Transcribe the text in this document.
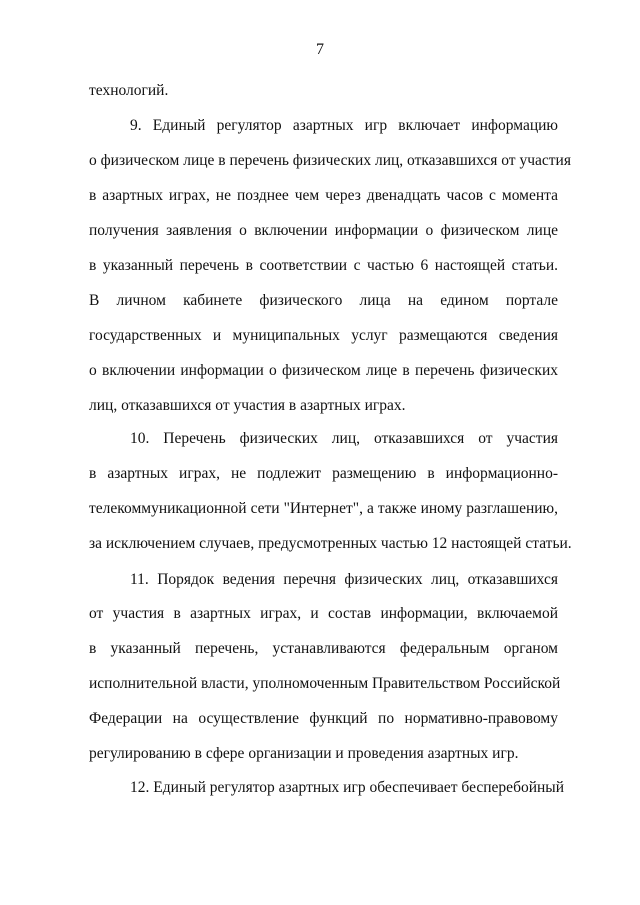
7
технологий.
9. Единый регулятор азартных игр включает информацию
о физическом лице в перечень физических лиц, отказавшихся от участия
в азартных играх, не позднее чем через двенадцать часов с момента
получения заявления о включении информации о физическом лице
в указанный перечень в соответствии с частью 6 настоящей статьи.
В личном кабинете физического лица на едином портале
государственных и муниципальных услуг размещаются сведения
о включении информации о физическом лице в перечень физических
лиц, отказавшихся от участия в азартных играх.
10. Перечень физических лиц, отказавшихся от участия
в азартных играх, не подлежит размещению в информационно-
телекоммуникационной сети "Интернет", а также иному разглашению,
за исключением случаев, предусмотренных частью 12 настоящей статьи.
11. Порядок ведения перечня физических лиц, отказавшихся
от участия в азартных играх, и состав информации, включаемой
в указанный перечень, устанавливаются федеральным органом
исполнительной власти, уполномоченным Правительством Российской
Федерации на осуществление функций по нормативно-правовому
регулированию в сфере организации и проведения азартных игр.
12. Единый регулятор азартных игр обеспечивает бесперебойный
